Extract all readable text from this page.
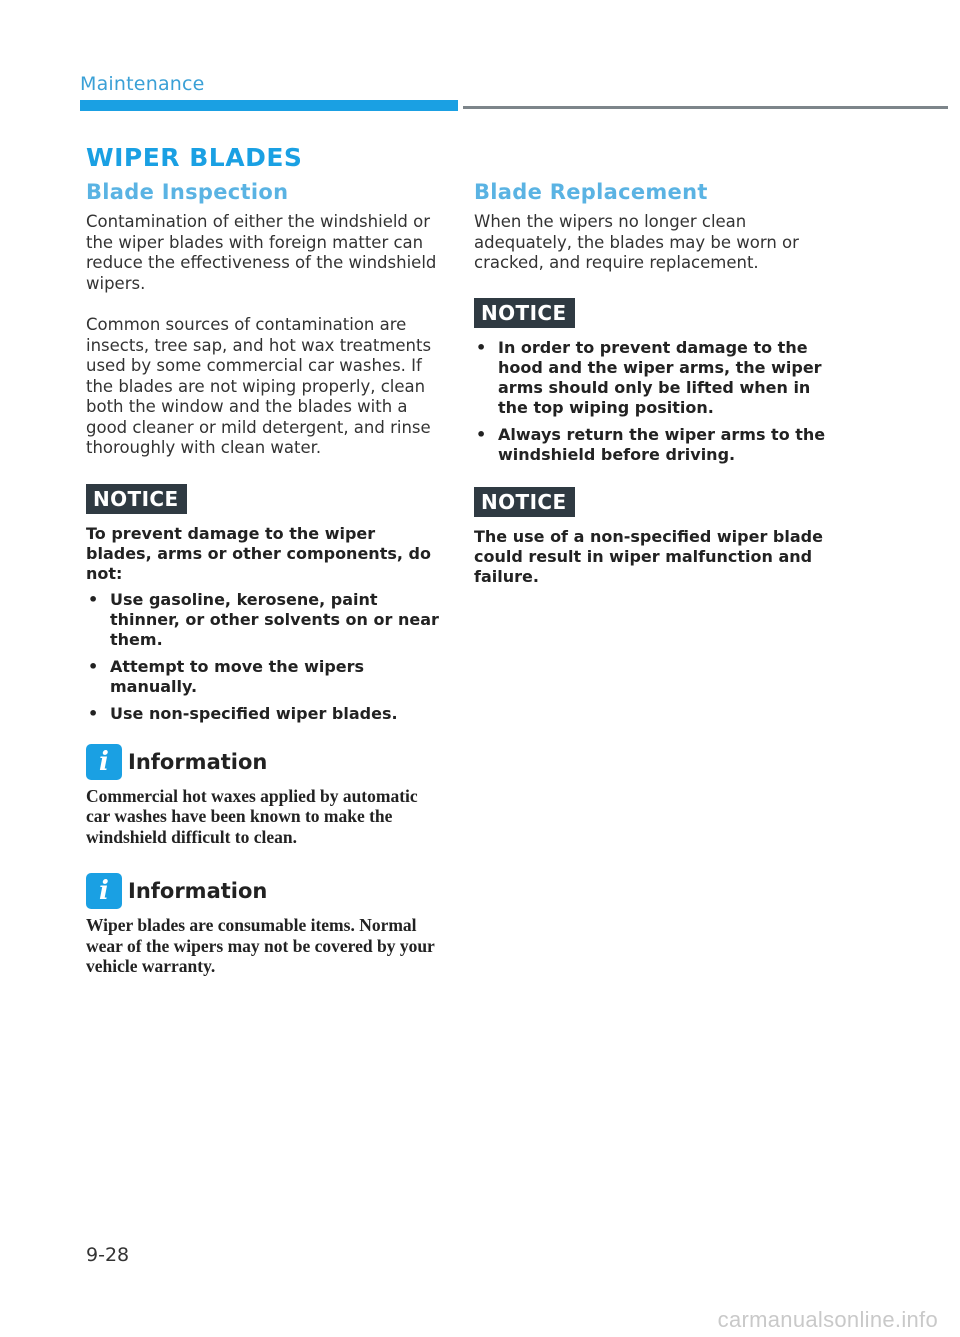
Maintenance
WIPER BLADES
Blade Inspection

Contamination of either the windshield or the wiper blades with foreign matter can reduce the effectiveness of the windshield wipers.

Common sources of contamination are insects, tree sap, and hot wax treatments used by some commercial car washes. If the blades are not wiping properly, clean both the window and the blades with a good cleaner or mild detergent, and rinse thoroughly with clean water.

NOTICE

To prevent damage to the wiper blades, arms or other components, do not:

• Use gasoline, kerosene, paint thinner, or other solvents on or near them.
• Attempt to move the wipers manually.
• Use non-specified wiper blades.
i Information

Commercial hot waxes applied by automatic car washes have been known to make the windshield difficult to clean.

i Information

Wiper blades are consumable items. Normal wear of the wipers may not be covered by your vehicle warranty.

Blade Replacement

When the wipers no longer clean adequately, the blades may be worn or cracked, and require replacement.

NOTICE
• In order to prevent damage to the hood and the wiper arms, the wiper arms should only be lifted when in the top wiping position.
• Always return the wiper arms to the windshield before driving.
NOTICE

The use of a non-specified wiper blade could result in wiper malfunction and failure.

9-28
carmanualsonline.info
